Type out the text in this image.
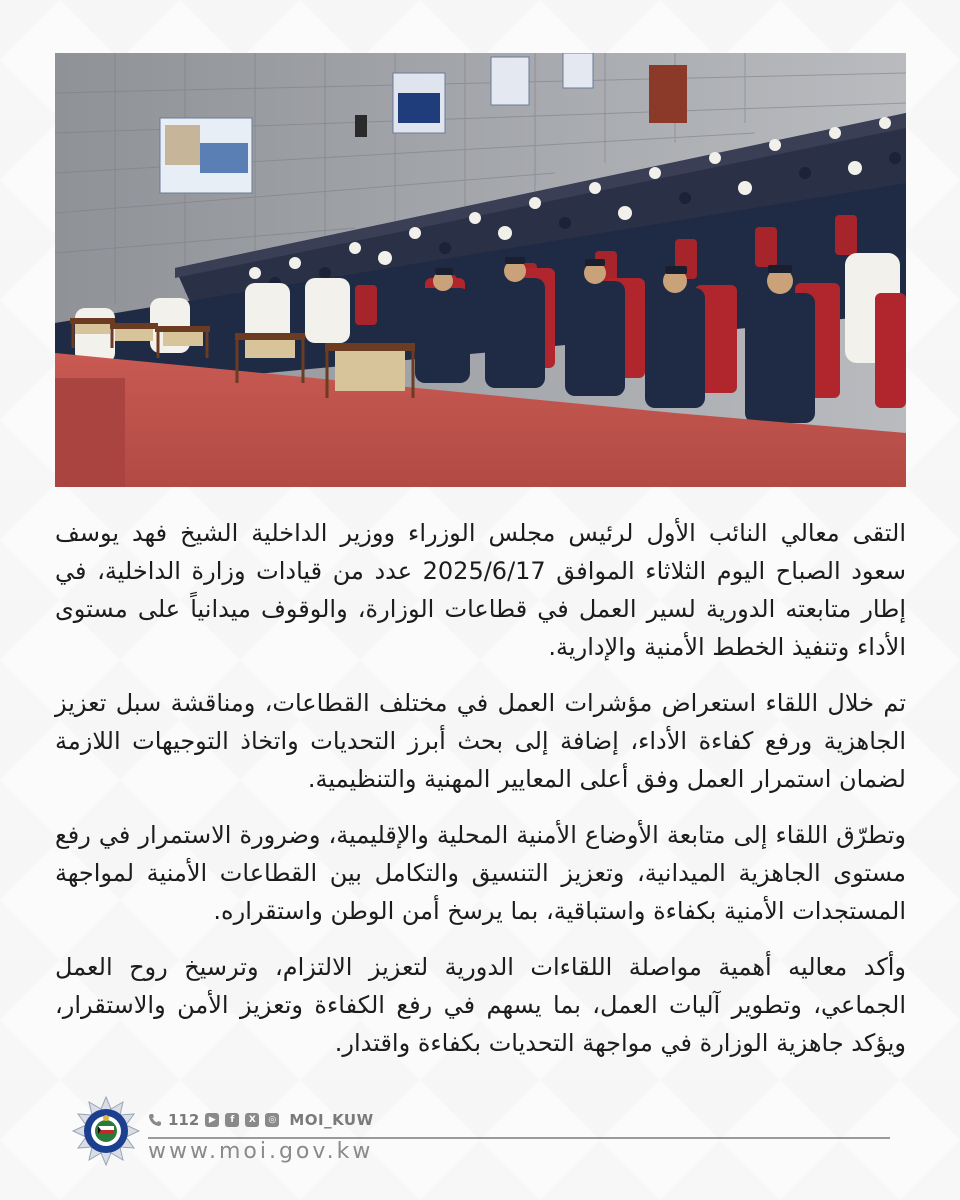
التقى معالي النائب الأول لرئيس مجلس الوزراء ووزير الداخلية الشيخ فهد يوسف سعود الصباح اليوم الثلاثاء الموافق 2025/6/17 عدد من قيادات وزارة الداخلية، في إطار متابعته الدورية لسير العمل في قطاعات الوزارة، والوقوف ميدانياً على مستوى الأداء وتنفيذ الخطط الأمنية والإدارية.

تم خلال اللقاء استعراض مؤشرات العمل في مختلف القطاعات، ومناقشة سبل تعزيز الجاهزية ورفع كفاءة الأداء، إضافة إلى بحث أبرز التحديات واتخاذ التوجيهات اللازمة لضمان استمرار العمل وفق أعلى المعايير المهنية والتنظيمية.

وتطرّق اللقاء إلى متابعة الأوضاع الأمنية المحلية والإقليمية، وضرورة الاستمرار في رفع مستوى الجاهزية الميدانية، وتعزيز التنسيق والتكامل بين القطاعات الأمنية لمواجهة المستجدات الأمنية بكفاءة واستباقية، بما يرسخ أمن الوطن واستقراره.

وأكد معاليه أهمية مواصلة اللقاءات الدورية لتعزيز الالتزام، وترسيخ روح العمل الجماعي، وتطوير آليات العمل، بما يسهم في رفع الكفاءة وتعزيز الأمن والاستقرار، ويؤكد جاهزية الوزارة في مواجهة التحديات بكفاءة واقتدار.

112	▶	f	X	◎ MOI_KUW
www.moi.gov.kw
